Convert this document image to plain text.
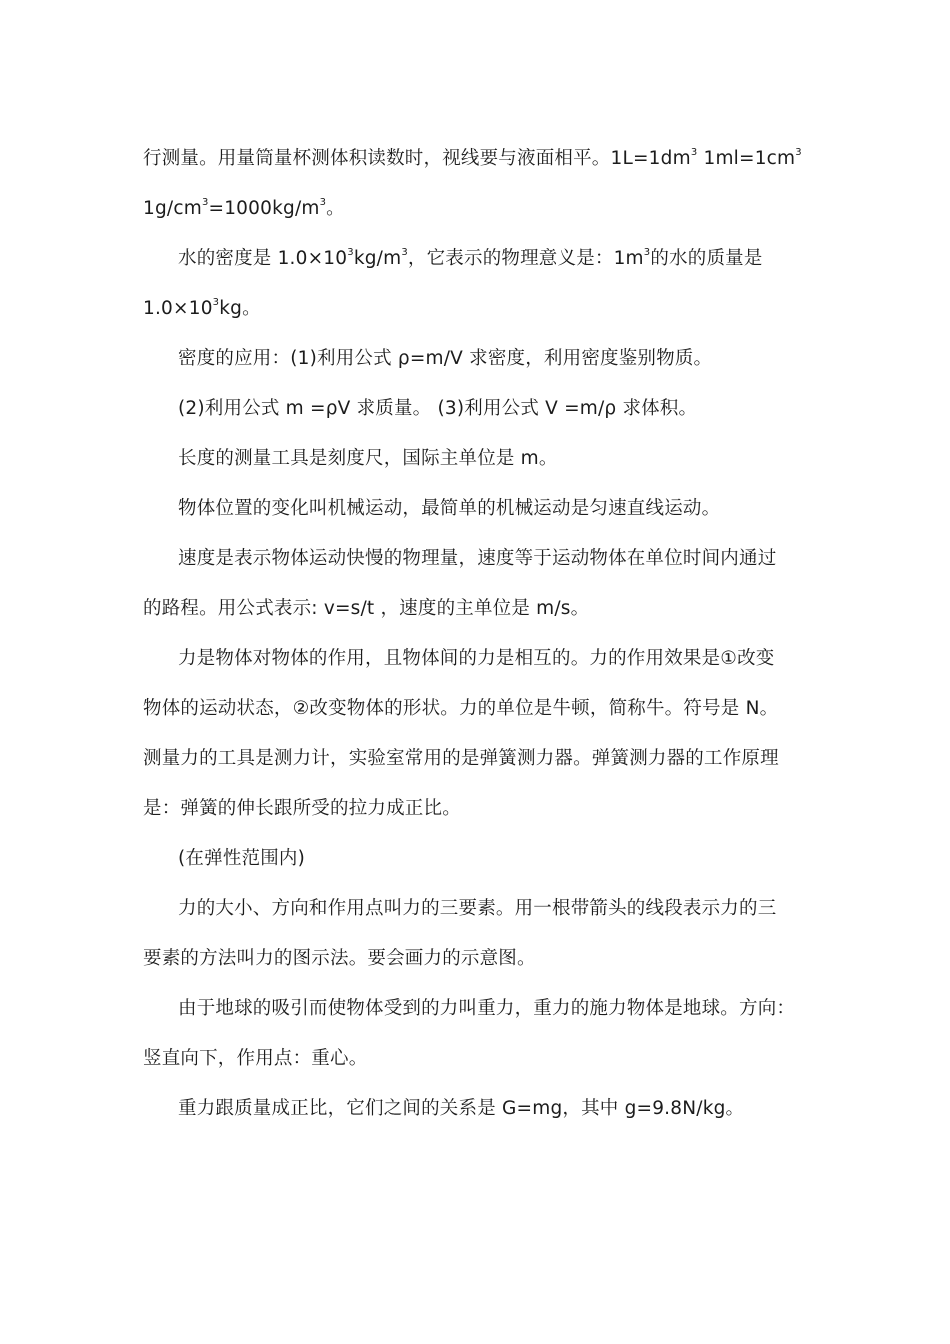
行测量。用量筒量杯测体积读数时，视线要与液面相平。$1L=1dm^3$ $1ml=1cm^3$
$1g/cm^3=1000kg/m^3$。
水的密度是 $1.0\times 10^3kg/m^3$，它表示的物理意义是：$1m^3$的水的质量是
$1.0\times 10^3kg$。
密度的应用：(1)利用公式 ρ=m/V 求密度，利用密度鉴别物质。
(2)利用公式 m =ρV 求质量。 (3)利用公式 V =m/ρ 求体积。
长度的测量工具是刻度尺，国际主单位是 m。
物体位置的变化叫机械运动，最简单的机械运动是匀速直线运动。
速度是表示物体运动快慢的物理量，速度等于运动物体在单位时间内通过
的路程。用公式表示: v=s/t ，速度的主单位是 m/s。
力是物体对物体的作用，且物体间的力是相互的。力的作用效果是①改变
物体的运动状态，②改变物体的形状。力的单位是牛顿，简称牛。符号是 N。
测量力的工具是测力计，实验室常用的是弹簧测力器。弹簧测力器的工作原理
是：弹簧的伸长跟所受的拉力成正比。
(在弹性范围内)
力的大小、方向和作用点叫力的三要素。用一根带箭头的线段表示力的三
要素的方法叫力的图示法。要会画力的示意图。
由于地球的吸引而使物体受到的力叫重力，重力的施力物体是地球。方向：
竖直向下，作用点：重心。
重力跟质量成正比，它们之间的关系是 G=mg，其中 g=9.8N/kg。
